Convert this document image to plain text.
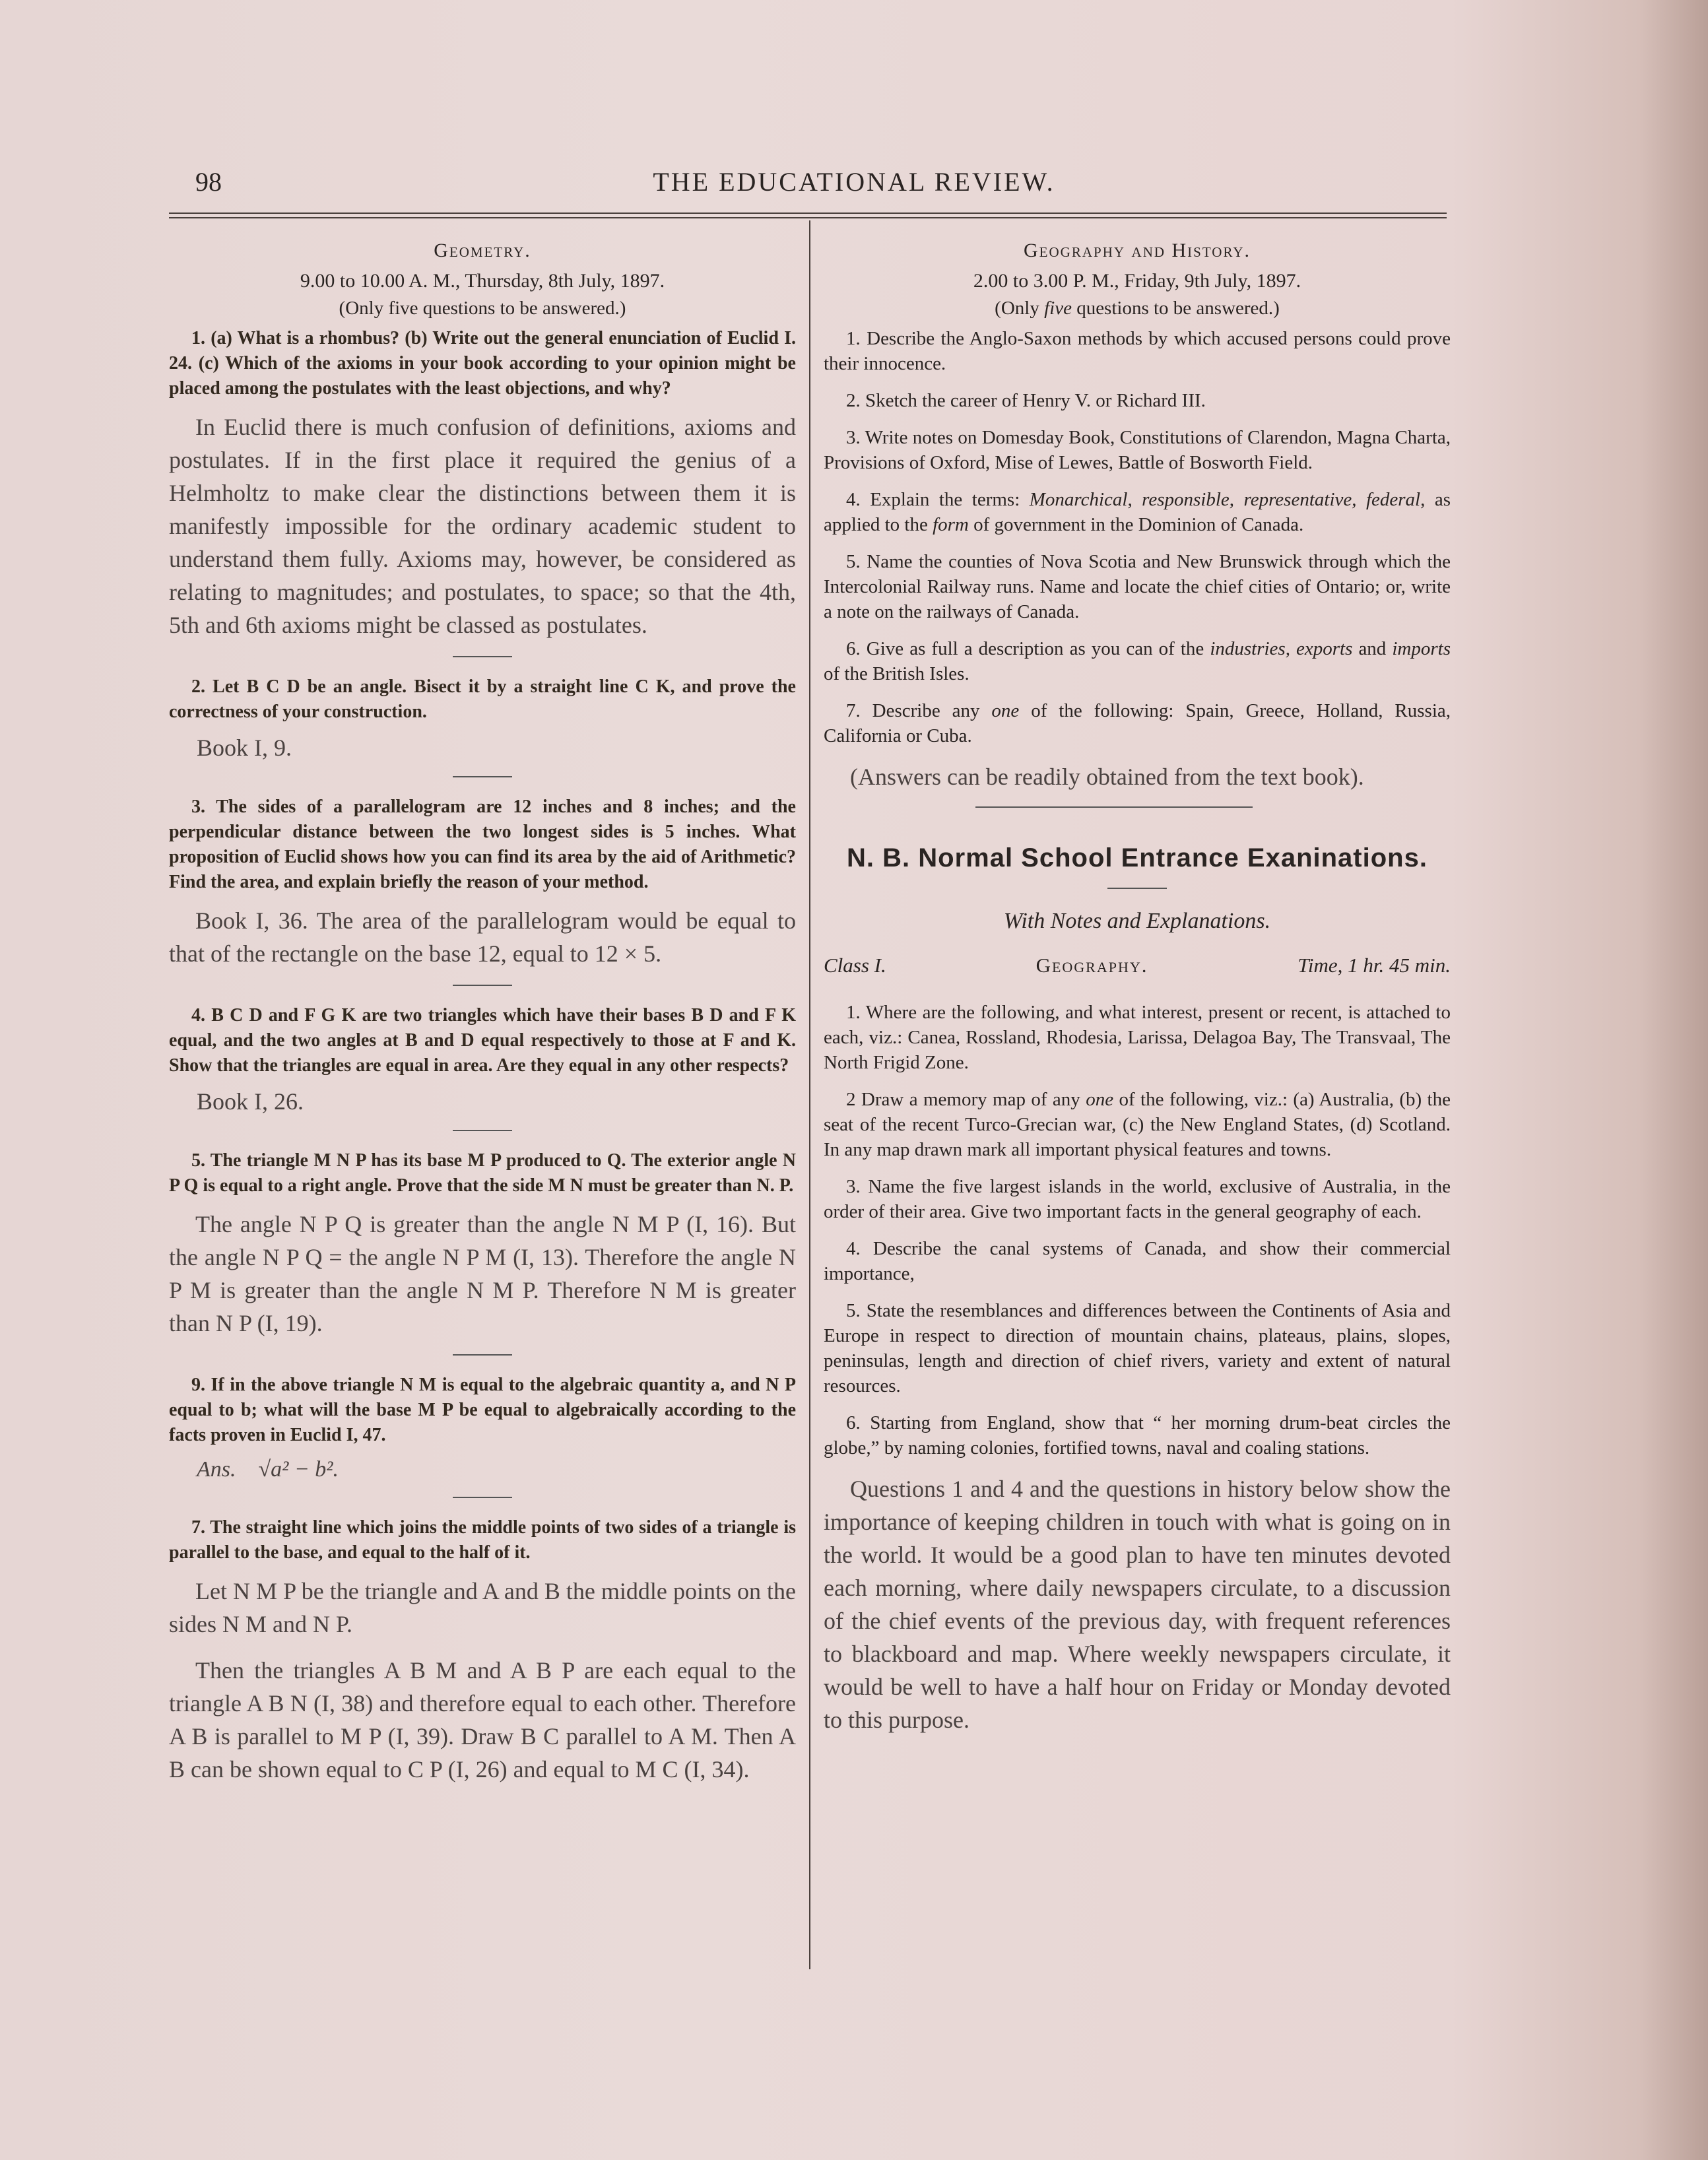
98	THE EDUCATIONAL REVIEW.
Geometry.
9.00 to 10.00 A. M., Thursday, 8th July, 1897.
(Only five questions to be answered.)

1. (a) What is a rhombus? (b) Write out the general enunciation of Euclid I. 24. (c) Which of the axioms in your book according to your opinion might be placed among the postulates with the least objections, and why?

In Euclid there is much confusion of definitions, axioms and postulates. If in the first place it required the genius of a Helmholtz to make clear the distinctions between them it is manifestly impossible for the ordinary academic student to understand them fully. Axioms may, however, be considered as relating to magnitudes; and postulates, to space; so that the 4th, 5th and 6th axioms might be classed as postulates.

2. Let B C D be an angle. Bisect it by a straight line C K, and prove the correctness of your construction.

Book I, 9.

3. The sides of a parallelogram are 12 inches and 8 inches; and the perpendicular distance between the two longest sides is 5 inches. What proposition of Euclid shows how you can find its area by the aid of Arithmetic? Find the area, and explain briefly the reason of your method.

Book I, 36. The area of the parallelogram would be equal to that of the rectangle on the base 12, equal to 12 × 5.

4. B C D and F G K are two triangles which have their bases B D and F K equal, and the two angles at B and D equal respectively to those at F and K. Show that the triangles are equal in area. Are they equal in any other respects?

Book I, 26.

5. The triangle M N P has its base M P produced to Q. The exterior angle N P Q is equal to a right angle. Prove that the side M N must be greater than N. P.

The angle N P Q is greater than the angle N M P (I, 16). But the angle N P Q = the angle N P M (I, 13). Therefore the angle N P M is greater than the angle N M P. Therefore N M is greater than N P (I, 19).

9. If in the above triangle N M is equal to the algebraic quantity a, and N P equal to b; what will the base M P be equal to algebraically according to the facts proven in Euclid I, 47.

Ans. √a² − b².

7. The straight line which joins the middle points of two sides of a triangle is parallel to the base, and equal to the half of it.

Let N M P be the triangle and A and B the middle points on the sides N M and N P.

Then the triangles A B M and A B P are each equal to the triangle A B N (I, 38) and therefore equal to each other. Therefore A B is parallel to M P (I, 39). Draw B C parallel to A M. Then A B can be shown equal to C P (I, 26) and equal to M C (I, 34).

Geography and History.
2.00 to 3.00 P. M., Friday, 9th July, 1897.
(Only five questions to be answered.)

1. Describe the Anglo-Saxon methods by which accused persons could prove their innocence.

2. Sketch the career of Henry V. or Richard III.

3. Write notes on Domesday Book, Constitutions of Clarendon, Magna Charta, Provisions of Oxford, Mise of Lewes, Battle of Bosworth Field.

4. Explain the terms: Monarchical, responsible, representative, federal, as applied to the form of government in the Dominion of Canada.

5. Name the counties of Nova Scotia and New Brunswick through which the Intercolonial Railway runs. Name and locate the chief cities of Ontario; or, write a note on the railways of Canada.

6. Give as full a description as you can of the industries, exports and imports of the British Isles.

7. Describe any one of the following: Spain, Greece, Holland, Russia, California or Cuba.

(Answers can be readily obtained from the text book).

N. B. Normal School Entrance Exaninations.
With Notes and Explanations.
Class I.	Geography.	Time, 1 hr. 45 min.

1. Where are the following, and what interest, present or recent, is attached to each, viz.: Canea, Rossland, Rhodesia, Larissa, Delagoa Bay, The Transvaal, The North Frigid Zone.

2 Draw a memory map of any one of the following, viz.: (a) Australia, (b) the seat of the recent Turco-Grecian war, (c) the New England States, (d) Scotland. In any map drawn mark all important physical features and towns.

3. Name the five largest islands in the world, exclusive of Australia, in the order of their area. Give two important facts in the general geography of each.

4. Describe the canal systems of Canada, and show their commercial importance,

5. State the resemblances and differences between the Continents of Asia and Europe in respect to direction of mountain chains, plateaus, plains, slopes, peninsulas, length and direction of chief rivers, variety and extent of natural resources.

6. Starting from England, show that “ her morning drum-beat circles the globe,” by naming colonies, fortified towns, naval and coaling stations.

Questions 1 and 4 and the questions in history below show the importance of keeping children in touch with what is going on in the world. It would be a good plan to have ten minutes devoted each morning, where daily newspapers circulate, to a discussion of the chief events of the previous day, with frequent references to blackboard and map. Where weekly newspapers circulate, it would be well to have a half hour on Friday or Monday devoted to this purpose.
